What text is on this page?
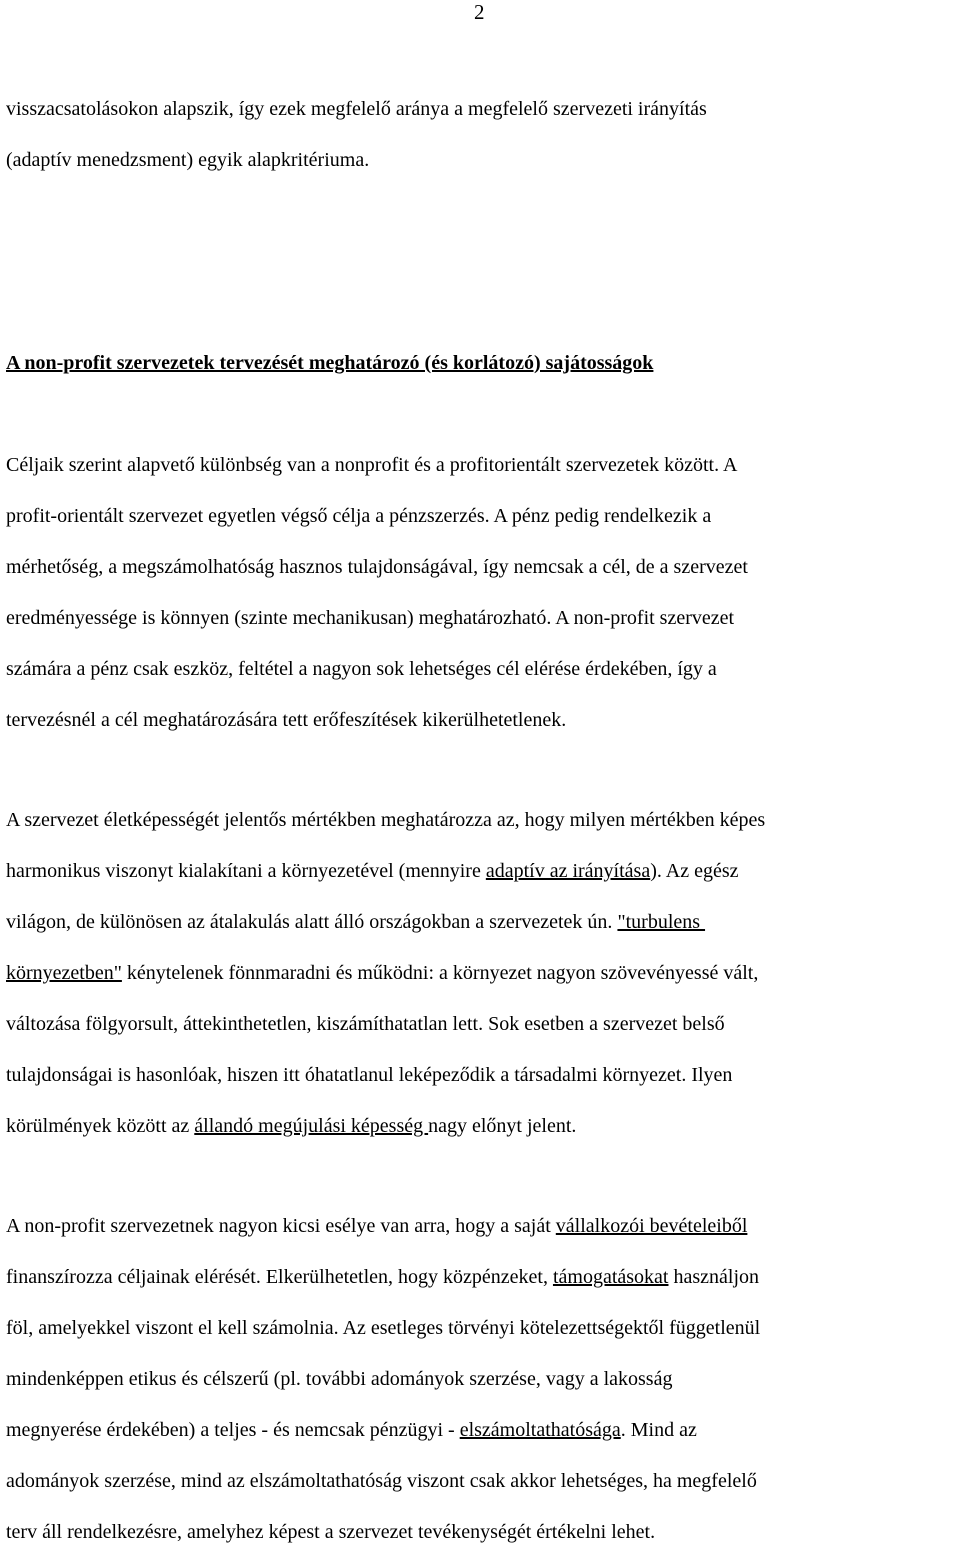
2
visszacsatolásokon alapszik, így ezek megfelelő aránya a megfelelő szervezeti irányítás
(adaptív menedzsment) egyik alapkritériuma.
A non-profit szervezetek tervezését meghatározó (és korlátozó) sajátosságok
Céljaik szerint alapvető különbség van a nonprofit és a profitorientált szervezetek között. A
profit-orientált szervezet egyetlen végső célja a pénzszerzés. A pénz pedig rendelkezik a
mérhetőség, a megszámolhatóság hasznos tulajdonságával, így nemcsak a cél, de a szervezet
eredményessége is könnyen (szinte mechanikusan) meghatározható. A non-profit szervezet
számára a pénz csak eszköz, feltétel a nagyon sok lehetséges cél elérése érdekében, így a
tervezésnél a cél meghatározására tett erőfeszítések kikerülhetetlenek.
A szervezet életképességét jelentős mértékben meghatározza az, hogy milyen mértékben képes
harmonikus viszonyt kialakítani a környezetével (mennyire adaptív az irányítása). Az egész
világon, de különösen az átalakulás alatt álló országokban a szervezetek ún. "turbulens
környezetben" kénytelenek fönnmaradni és működni: a környezet nagyon szövevényessé vált,
változása fölgyorsult, áttekinthetetlen, kiszámíthatatlan lett. Sok esetben a szervezet belső
tulajdonságai is hasonlóak, hiszen itt óhatatlanul leképeződik a társadalmi környezet. Ilyen
körülmények között az állandó megújulási képesség nagy előnyt jelent.
A non-profit szervezetnek nagyon kicsi esélye van arra, hogy a saját vállalkozói bevételeiből
finanszírozza céljainak elérését. Elkerülhetetlen, hogy közpénzeket, támogatásokat használjon
föl, amelyekkel viszont el kell számolnia. Az esetleges törvényi kötelezettségektől függetlenül
mindenképpen etikus és célszerű (pl. további adományok szerzése, vagy a lakosság
megnyerése érdekében) a teljes - és nemcsak pénzügyi - elszámoltathatósága. Mind az
adományok szerzése, mind az elszámoltathatóság viszont csak akkor lehetséges, ha megfelelő
terv áll rendelkezésre, amelyhez képest a szervezet tevékenységét értékelni lehet.
